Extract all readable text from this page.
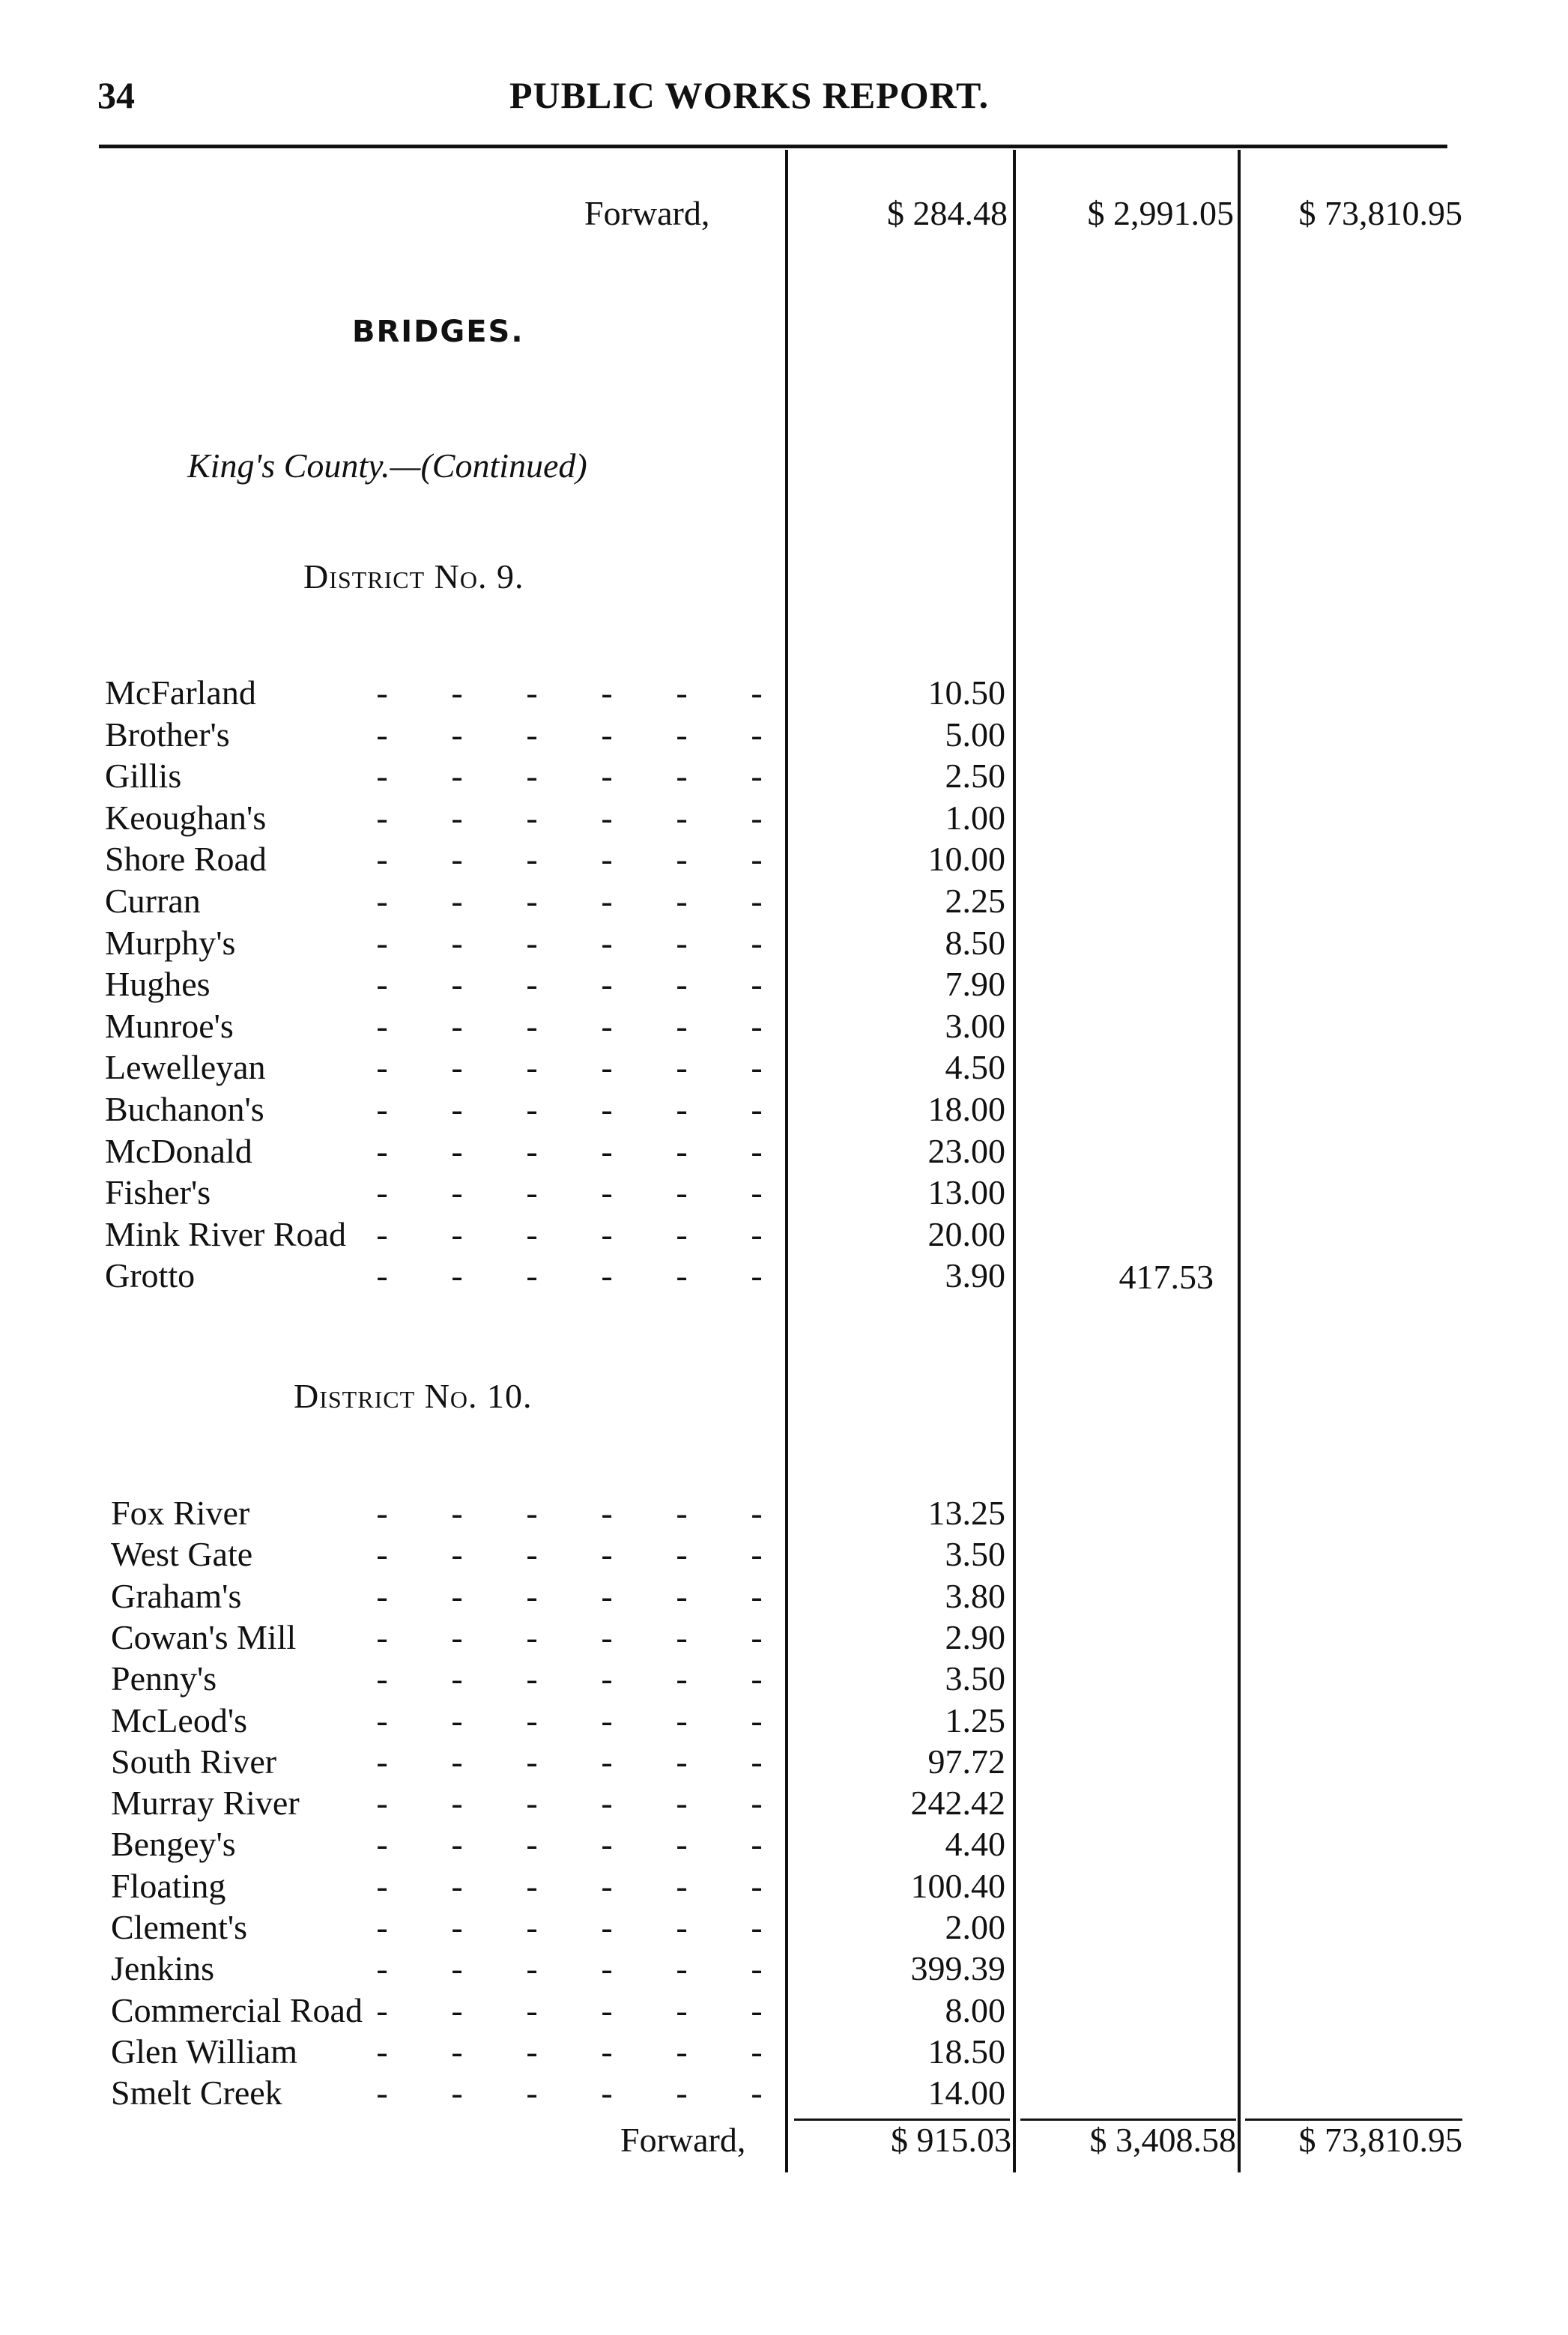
34	PUBLIC WORKS REPORT.
Forward,	$ 284.48	$ 2,991.05	$ 73,810.95
BRIDGES.
King's County.—(Continued)
District No. 9.
McFarland	- - - - - -	10.50
Brother's	- - - - - -	5.00
Gillis	- - - - - -	2.50
Keoughan's	- - - - - -	1.00
Shore Road	- - - - - -	10.00
Curran	- - - - - -	2.25
Murphy's	- - - - - -	8.50
Hughes	- - - - - -	7.90
Munroe's	- - - - - -	3.00
Lewelleyan	- - - - - -	4.50
Buchanon's	- - - - - -	18.00
McDonald	- - - - - -	23.00
Fisher's	- - - - - -	13.00
Mink River Road - - - - - -	20.00
Grotto	- - - - - -	3.90	417.53
District No. 10.
Fox River	- - - - - -	13.25
West Gate	- - - - - -	3.50
Graham's	- - - - - -	3.80
Cowan's Mill	- - - - - -	2.90
Penny's	- - - - - -	3.50
McLeod's	- - - - - -	1.25
South River	- - - - - -	97.72
Murray River	- - - - - -	242.42
Bengey's	- - - - - -	4.40
Floating	- - - - - -	100.40
Clement's	- - - - - -	2.00
Jenkins	- - - - - -	399.39
Commercial Road - - - - - -	8.00
Glen William	- - - - - -	18.50
Smelt Creek	- - - - - -	14.00
Forward,	$ 915.03	$ 3,408.58	$ 73,810.95
